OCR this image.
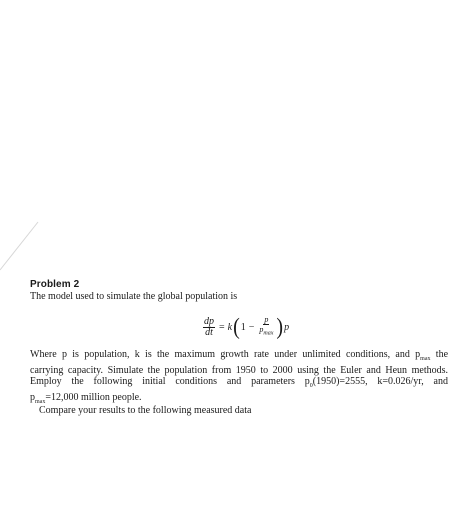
Problem 2
The model used to simulate the global population is
$\frac{dp}{dt} = k$ ( $1 - \frac{p}{p_{max}}$ ) p
Where p is population, k is the maximum growth rate under unlimited conditions, and $p_{max}$ the
carrying capacity. Simulate the population from 1950 to 2000 using the Euler and Heun methods.
Employ the following initial conditions and parameters $p_0(1950)=2555$, k=0.026/yr, and
$p_{max}=12,000$ million people.
Compare your results to the following measured data
